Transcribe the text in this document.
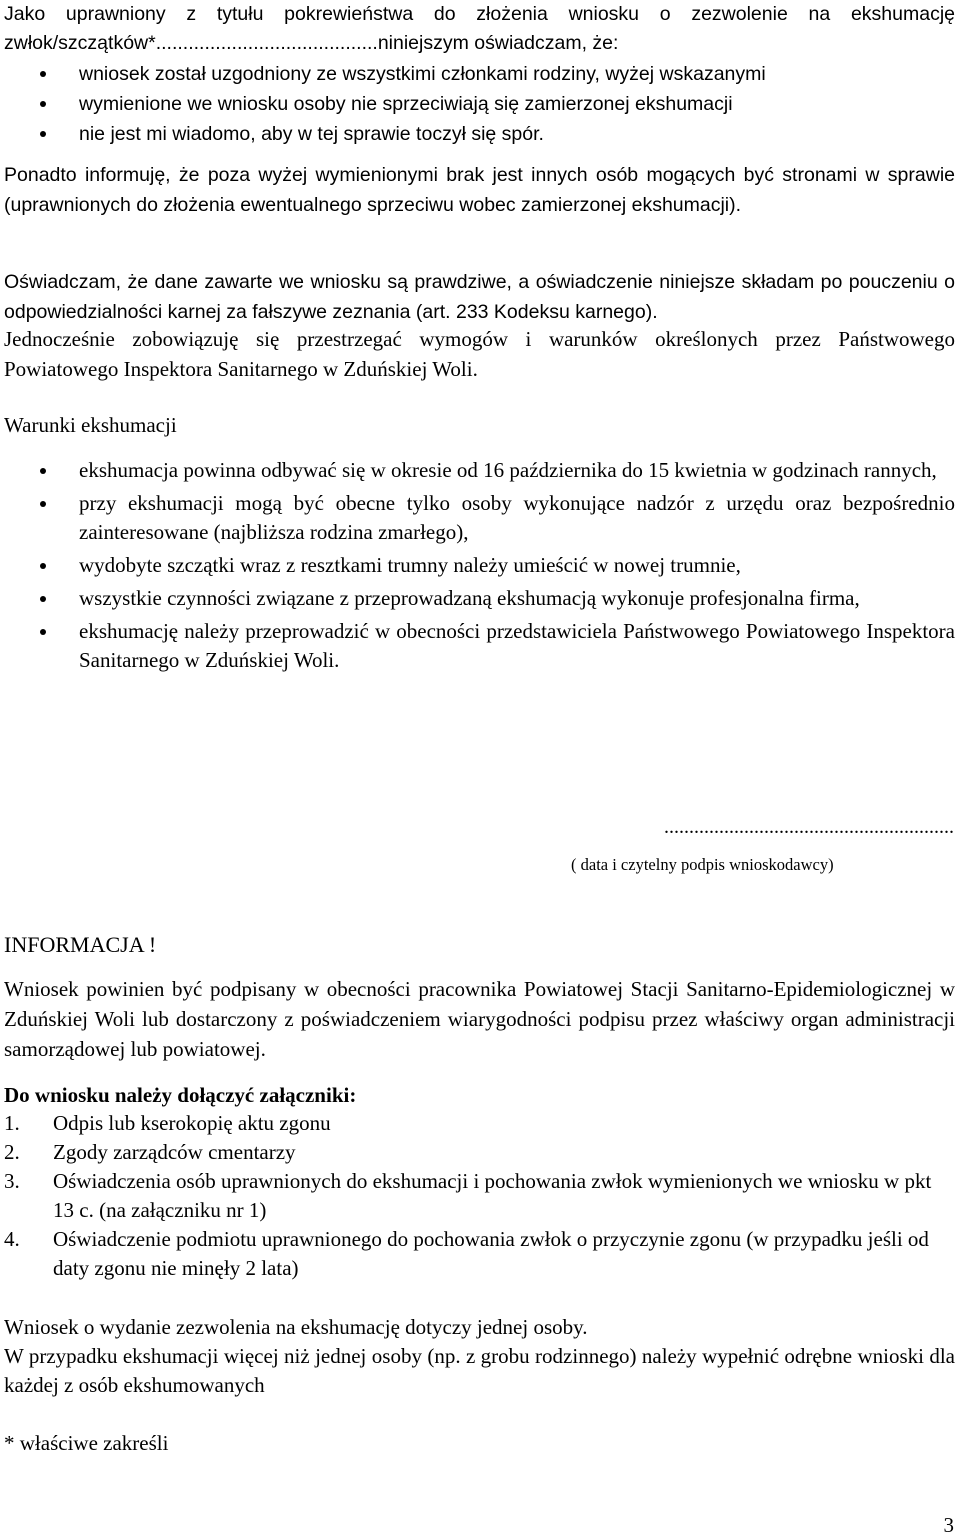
Jako uprawniony z tytułu pokrewieństwa do złożenia wniosku o zezwolenie na ekshumację zwłok/szczątków*.........................................niniejszym oświadczam, że:

wniosek został uzgodniony ze wszystkimi członkami rodziny, wyżej wskazanymi
wymienione we wniosku osoby nie sprzeciwiają się zamierzonej ekshumacji
nie jest mi wiadomo, aby w tej sprawie toczył się spór.

Ponadto informuję, że poza wyżej wymienionymi brak jest innych osób mogących być stronami w sprawie (uprawnionych do złożenia ewentualnego sprzeciwu wobec zamierzonej ekshumacji).

Oświadczam, że dane zawarte we wniosku są prawdziwe, a oświadczenie niniejsze składam po pouczeniu o odpowiedzialności karnej za fałszywe zeznania (art. 233 Kodeksu karnego).

Jednocześnie zobowiązuję się przestrzegać wymogów i warunków określonych przez Państwowego Powiatowego Inspektora Sanitarnego w Zduńskiej Woli.

Warunki ekshumacji

ekshumacja powinna odbywać się w okresie od 16 października do 15 kwietnia w godzinach rannych,
przy ekshumacji mogą być obecne tylko osoby wykonujące nadzór z urzędu oraz bezpośrednio zainteresowane (najbliższa rodzina zmarłego),
wydobyte szczątki wraz z resztkami trumny należy umieścić w nowej trumnie,
wszystkie czynności związane z przeprowadzaną ekshumacją wykonuje profesjonalna firma,
ekshumację należy przeprowadzić w obecności przedstawiciela Państwowego Powiatowego Inspektora Sanitarnego w Zduńskiej Woli.
..........................................................
( data i czytelny podpis wnioskodawcy)

INFORMACJA !

Wniosek powinien być podpisany w obecności pracownika Powiatowej Stacji Sanitarno-Epidemiologicznej w Zduńskiej Woli lub dostarczony z poświadczeniem wiarygodności podpisu przez właściwy organ administracji samorządowej lub powiatowej.

Do wniosku należy dołączyć załączniki:

1. Odpis lub kserokopię aktu zgonu
2. Zgody zarządców cmentarzy
3. Oświadczenia osób uprawnionych do ekshumacji i pochowania zwłok wymienionych we wniosku w pkt 13 c. (na załączniku nr 1)
4. Oświadczenie podmiotu uprawnionego do pochowania zwłok o przyczynie zgonu (w przypadku jeśli od daty zgonu nie minęły 2 lata)

Wniosek o wydanie zezwolenia na ekshumację dotyczy jednej osoby.

W przypadku ekshumacji więcej niż jednej osoby (np. z grobu rodzinnego) należy wypełnić odrębne wnioski dla każdej z osób ekshumowanych

* właściwe zakreśli

3
